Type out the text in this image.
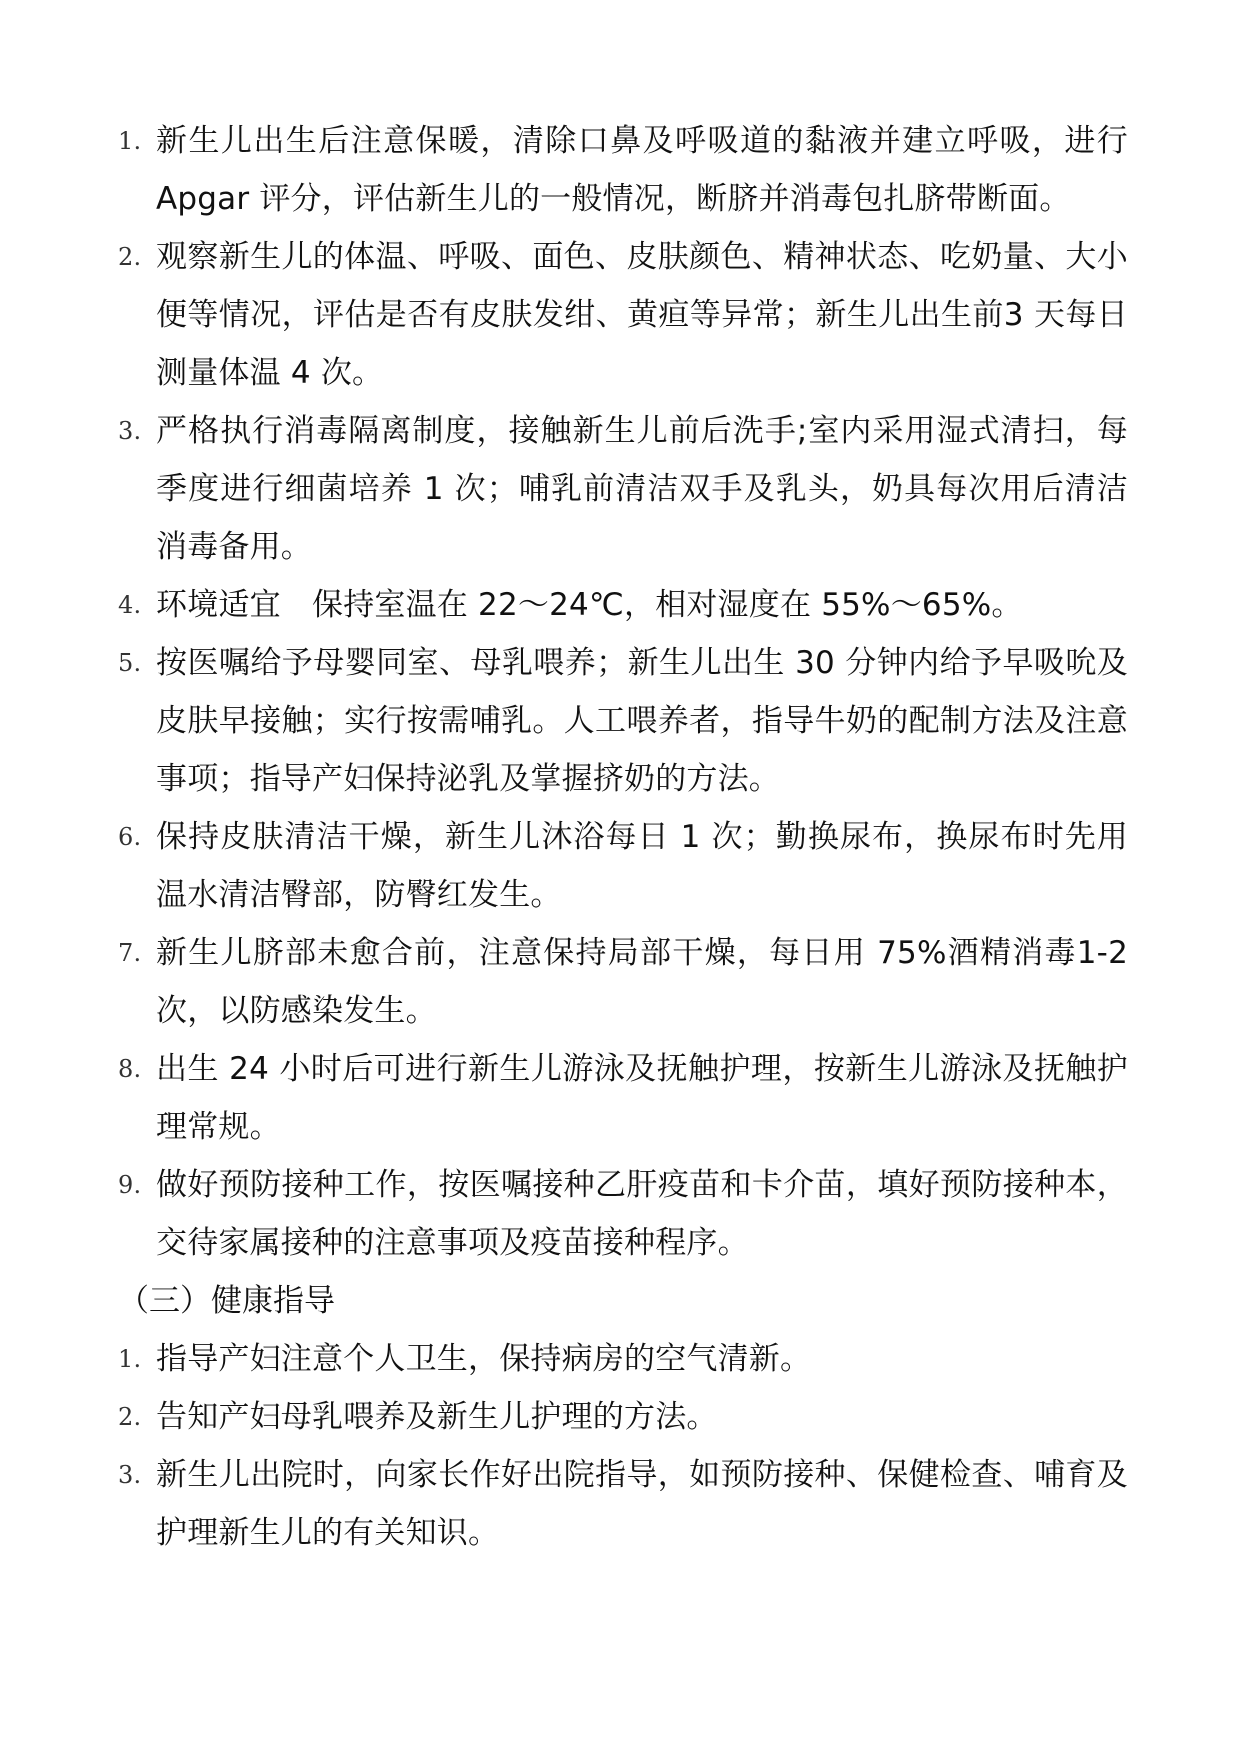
1. 新生儿出生后注意保暖，清除口鼻及呼吸道的黏液并建立呼吸，进行 Apgar 评分，评估新生儿的一般情况，断脐并消毒包扎脐带断面。
2. 观察新生儿的体温、呼吸、面色、皮肤颜色、精神状态、吃奶量、大小便等情况，评估是否有皮肤发绀、黄疸等异常；新生儿出生前3 天每日测量体温 4 次。
3. 严格执行消毒隔离制度，接触新生儿前后洗手;室内采用湿式清扫，每季度进行细菌培养 1 次；哺乳前清洁双手及乳头，奶具每次用后清洁消毒备用。
4. 环境适宜　保持室温在 22～24℃，相对湿度在 55%～65%。
5. 按医嘱给予母婴同室、母乳喂养；新生儿出生 30 分钟内给予早吸吮及皮肤早接触；实行按需哺乳。人工喂养者，指导牛奶的配制方法及注意事项；指导产妇保持泌乳及掌握挤奶的方法。
6. 保持皮肤清洁干燥，新生儿沐浴每日 1 次；勤换尿布，换尿布时先用温水清洁臀部，防臀红发生。
7. 新生儿脐部未愈合前，注意保持局部干燥，每日用 75%酒精消毒1-2 次，以防感染发生。
8. 出生 24 小时后可进行新生儿游泳及抚触护理，按新生儿游泳及抚触护理常规。
9. 做好预防接种工作，按医嘱接种乙肝疫苗和卡介苗，填好预防接种本，交待家属接种的注意事项及疫苗接种程序。
（三）健康指导
1. 指导产妇注意个人卫生，保持病房的空气清新。
2. 告知产妇母乳喂养及新生儿护理的方法。
3. 新生儿出院时，向家长作好出院指导，如预防接种、保健检查、哺育及护理新生儿的有关知识。
